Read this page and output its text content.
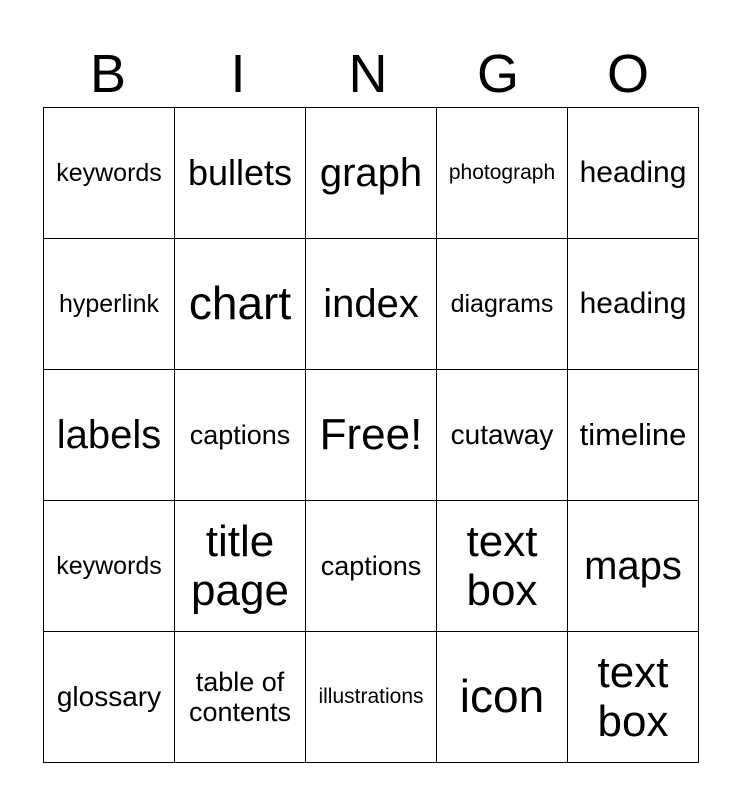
B	I	N	G	O
keywords	bullets	graph	photograph	heading
hyperlink	chart	index	diagrams	heading
labels	captions	Free!	cutaway	timeline
keywords	title page	captions	text box	maps
glossary	table of contents	illustrations	icon	text box
